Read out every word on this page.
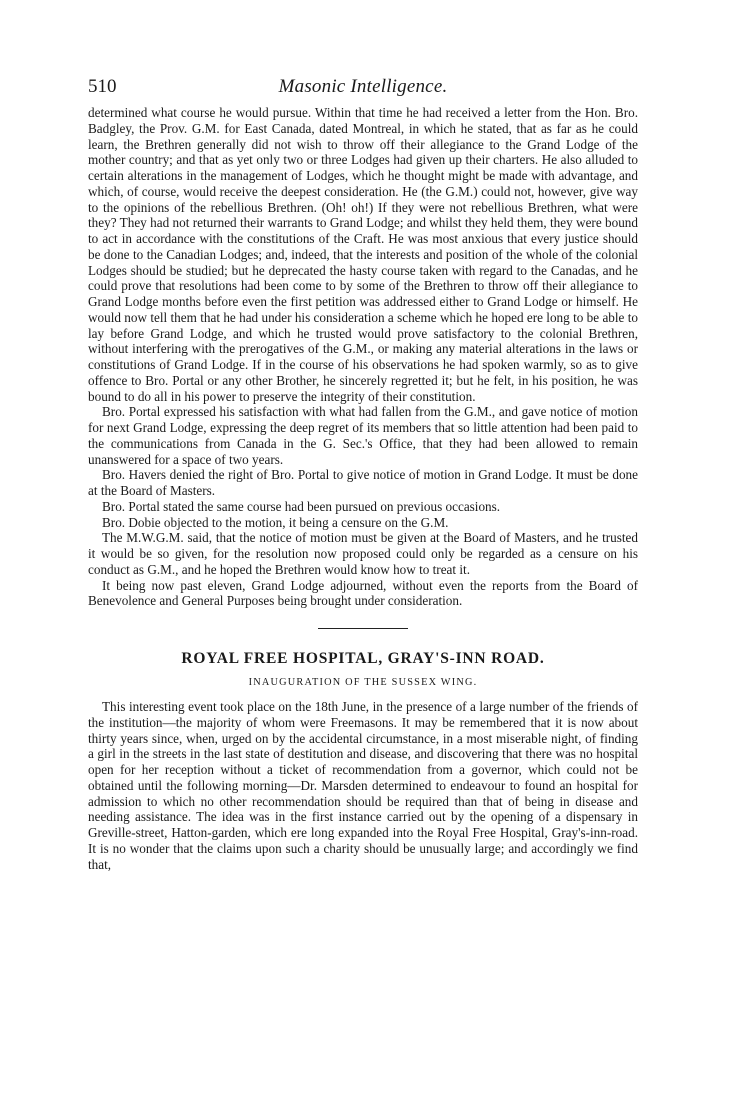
510	Masonic Intelligence.

determined what course he would pursue. Within that time he had received a letter from the Hon. Bro. Badgley, the Prov. G.M. for East Canada, dated Montreal, in which he stated, that as far as he could learn, the Brethren generally did not wish to throw off their allegiance to the Grand Lodge of the mother country; and that as yet only two or three Lodges had given up their charters. He also alluded to certain alterations in the management of Lodges, which he thought might be made with advantage, and which, of course, would receive the deepest consideration. He (the G.M.) could not, however, give way to the opinions of the rebellious Brethren. (Oh! oh!) If they were not rebellious Brethren, what were they? They had not returned their warrants to Grand Lodge; and whilst they held them, they were bound to act in accordance with the constitutions of the Craft. He was most anxious that every justice should be done to the Canadian Lodges; and, indeed, that the interests and position of the whole of the colonial Lodges should be studied; but he deprecated the hasty course taken with regard to the Canadas, and he could prove that resolutions had been come to by some of the Brethren to throw off their allegiance to Grand Lodge months before even the first petition was addressed either to Grand Lodge or himself. He would now tell them that he had under his consideration a scheme which he hoped ere long to be able to lay before Grand Lodge, and which he trusted would prove satisfactory to the colonial Brethren, without interfering with the prerogatives of the G.M., or making any material alterations in the laws or constitutions of Grand Lodge. If in the course of his observations he had spoken warmly, so as to give offence to Bro. Portal or any other Brother, he sincerely regretted it; but he felt, in his position, he was bound to do all in his power to preserve the integrity of their constitution.

Bro. Portal expressed his satisfaction with what had fallen from the G.M., and gave notice of motion for next Grand Lodge, expressing the deep regret of its members that so little attention had been paid to the communications from Canada in the G. Sec.'s Office, that they had been allowed to remain unanswered for a space of two years.

Bro. Havers denied the right of Bro. Portal to give notice of motion in Grand Lodge. It must be done at the Board of Masters.

Bro. Portal stated the same course had been pursued on previous occasions.

Bro. Dobie objected to the motion, it being a censure on the G.M.

The M.W.G.M. said, that the notice of motion must be given at the Board of Masters, and he trusted it would be so given, for the resolution now proposed could only be regarded as a censure on his conduct as G.M., and he hoped the Brethren would know how to treat it.

It being now past eleven, Grand Lodge adjourned, without even the reports from the Board of Benevolence and General Purposes being brought under consideration.

ROYAL FREE HOSPITAL, GRAY'S-INN ROAD.
INAUGURATION OF THE SUSSEX WING.

This interesting event took place on the 18th June, in the presence of a large number of the friends of the institution—the majority of whom were Freemasons. It may be remembered that it is now about thirty years since, when, urged on by the accidental circumstance, in a most miserable night, of finding a girl in the streets in the last state of destitution and disease, and discovering that there was no hospital open for her reception without a ticket of recommendation from a governor, which could not be obtained until the following morning—Dr. Marsden determined to endeavour to found an hospital for admission to which no other recommendation should be required than that of being in disease and needing assistance. The idea was in the first instance carried out by the opening of a dispensary in Greville-street, Hatton-garden, which ere long expanded into the Royal Free Hospital, Gray's-inn-road. It is no wonder that the claims upon such a charity should be unusually large; and accordingly we find that,
